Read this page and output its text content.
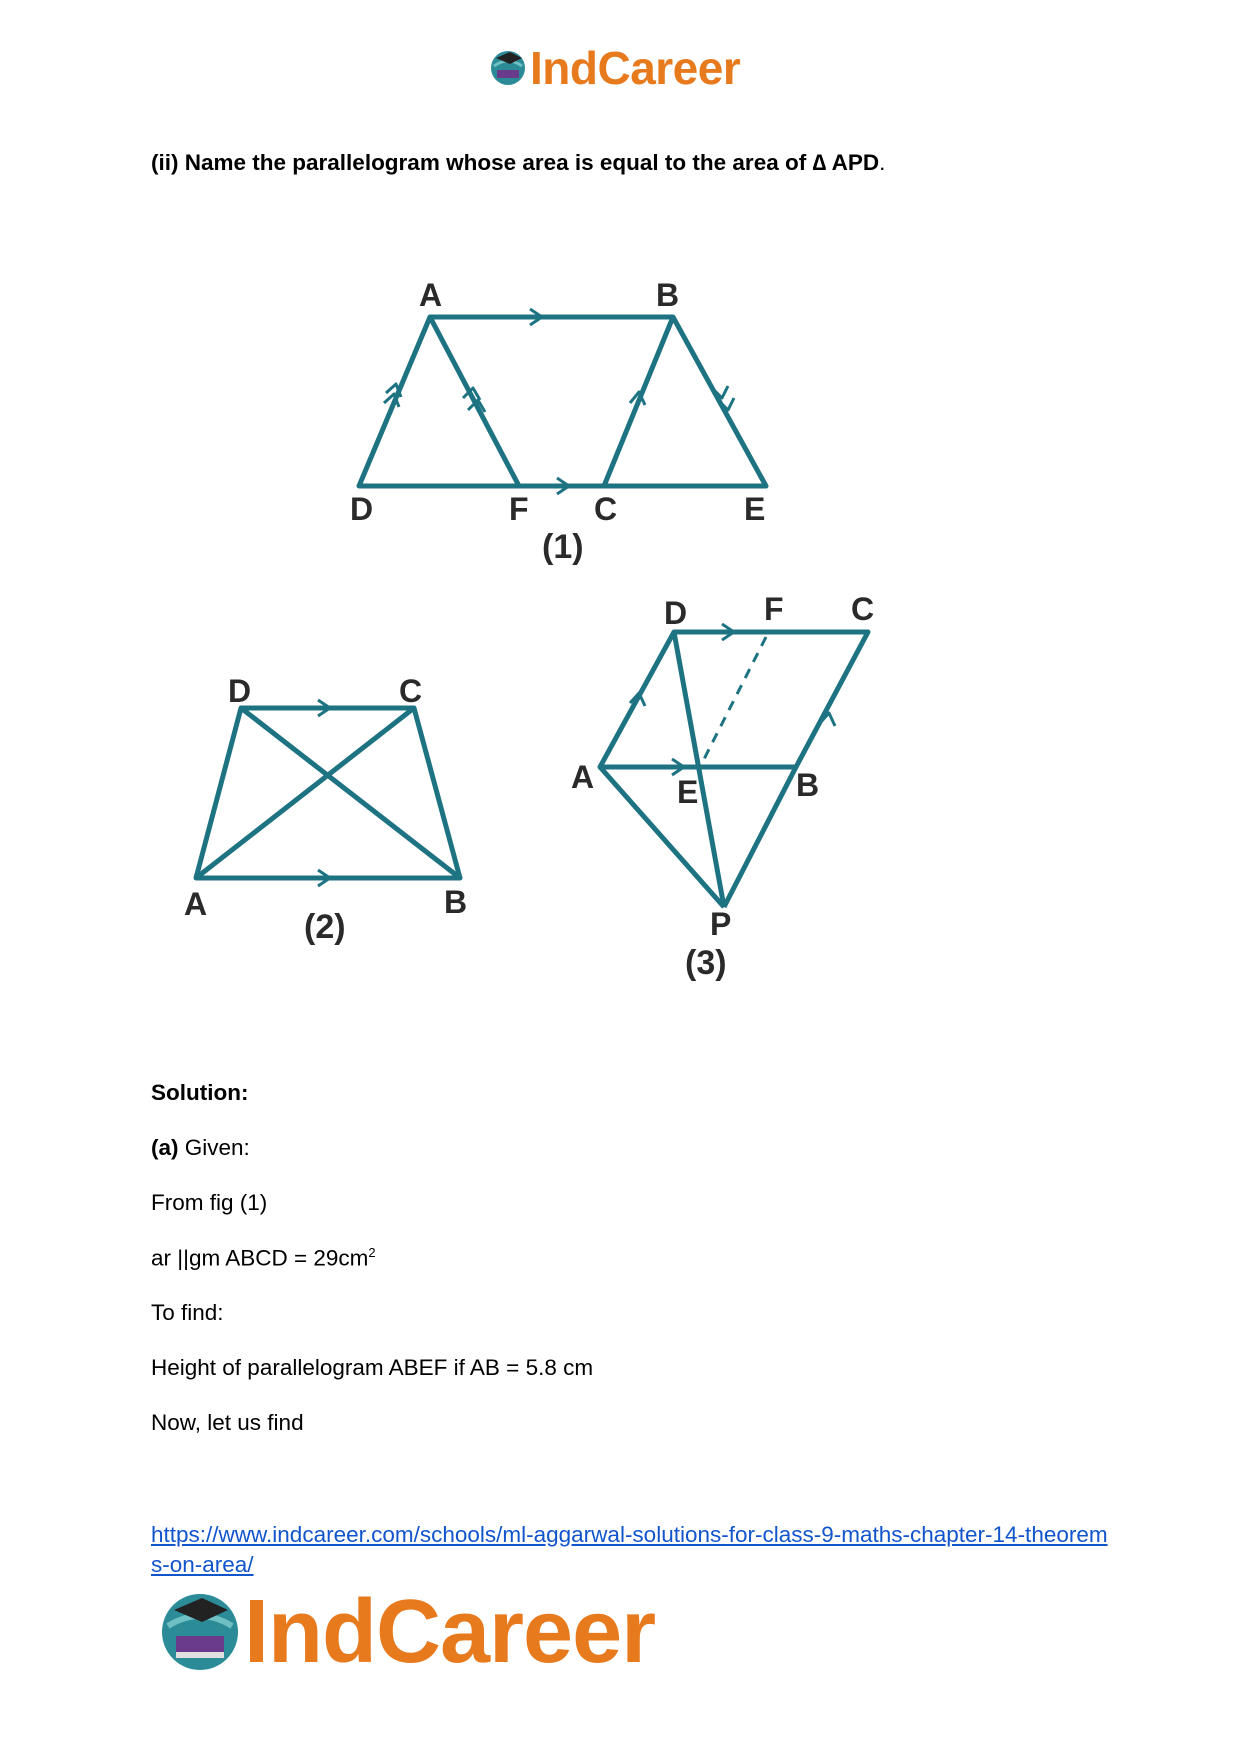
IndCareer
(ii) Name the parallelogram whose area is equal to the area of ∆ APD.
A	B
D	F C	E
(1)
D	C
A	B
(2)
D F C
A	E	B
P
(3)
Solution:
(a) Given:
From fig (1)
ar ||gm ABCD = $29cm^2$
To find:
Height of parallelogram ABEF if AB = 5.8 cm
Now, let us find
https://www.indcareer.com/schools/ml-aggarwal-solutions-for-class-9-maths-chapter-14-theorems-on-area/
IndCareer
